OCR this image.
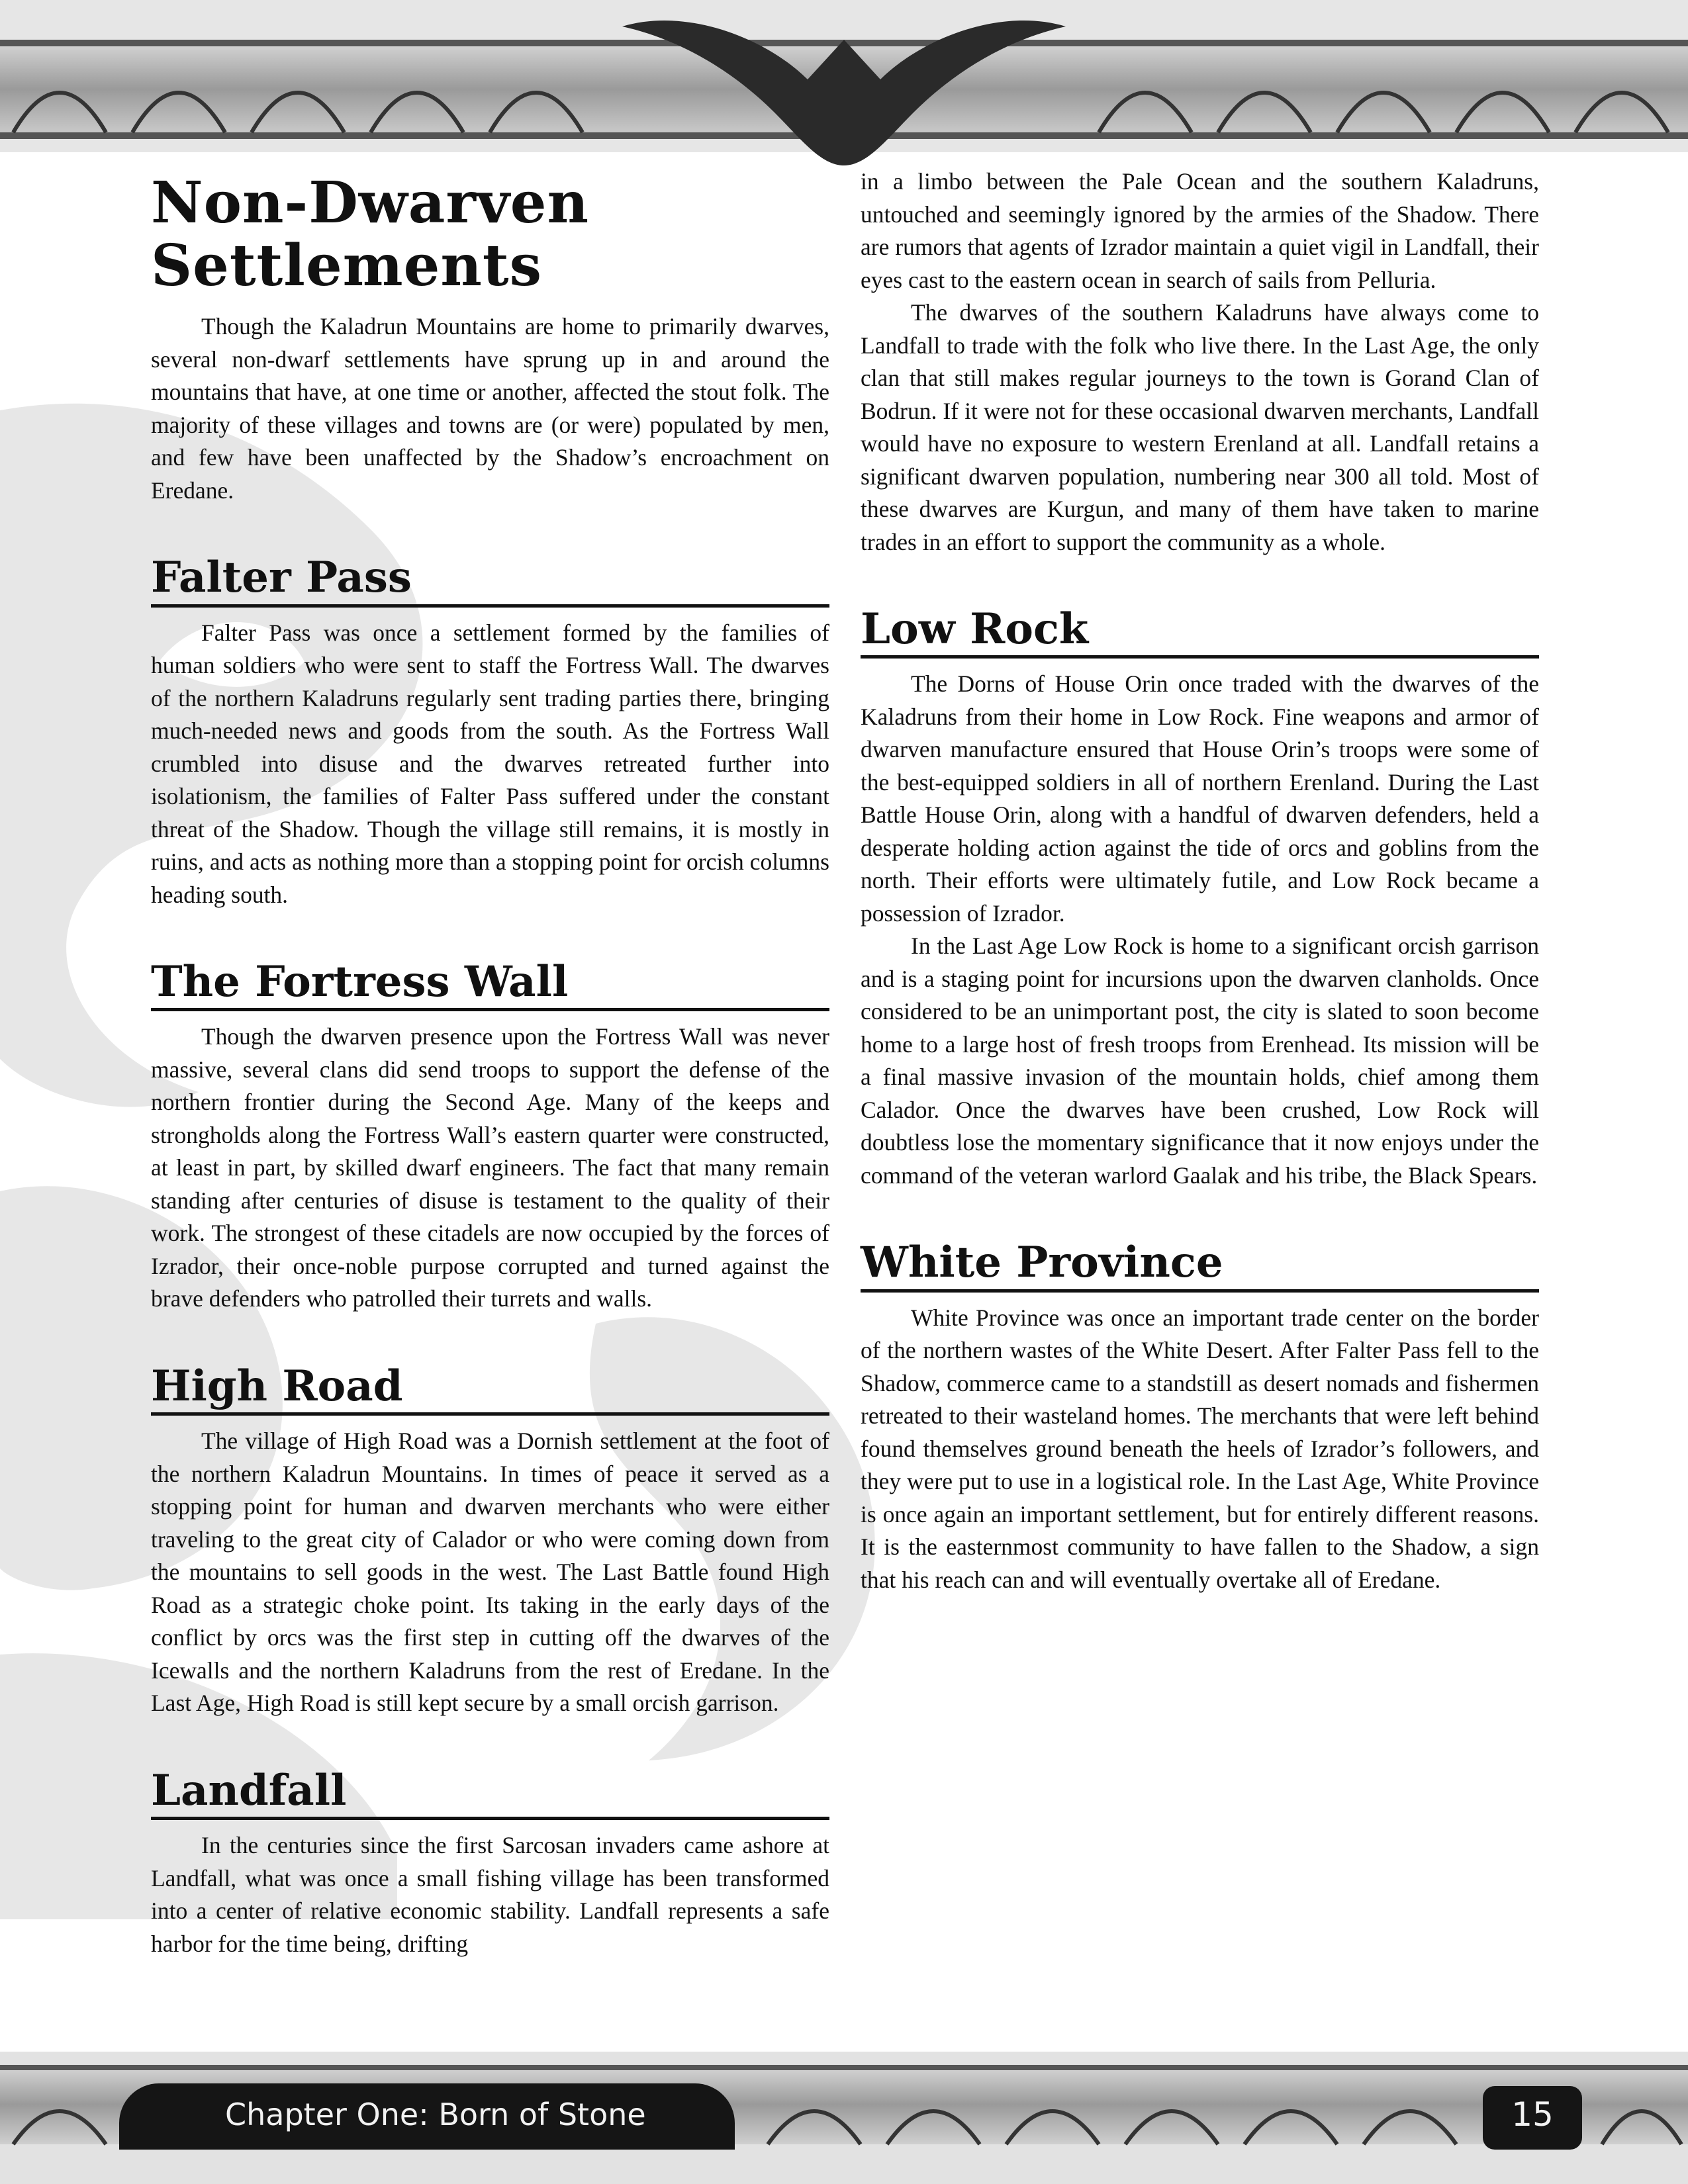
Non-Dwarven Settlements

Though the Kaladrun Mountains are home to primarily dwarves, several non-dwarf settlements have sprung up in and around the mountains that have, at one time or another, affected the stout folk. The majority of these villages and towns are (or were) populated by men, and few have been unaffected by the Shadow’s encroachment on Eredane.

Falter Pass

Falter Pass was once a settlement formed by the families of human soldiers who were sent to staff the Fortress Wall. The dwarves of the northern Kaladruns regularly sent trading parties there, bringing much-needed news and goods from the south. As the Fortress Wall crumbled into disuse and the dwarves retreated further into isolationism, the families of Falter Pass suffered under the constant threat of the Shadow. Though the village still remains, it is mostly in ruins, and acts as nothing more than a stopping point for orcish columns heading south.

The Fortress Wall

Though the dwarven presence upon the Fortress Wall was never massive, several clans did send troops to support the defense of the northern frontier during the Second Age. Many of the keeps and strongholds along the Fortress Wall’s eastern quarter were constructed, at least in part, by skilled dwarf engineers. The fact that many remain standing after centuries of disuse is testament to the quality of their work. The strongest of these citadels are now occupied by the forces of Izrador, their once-noble purpose corrupted and turned against the brave defenders who patrolled their turrets and walls.

High Road

The village of High Road was a Dornish settlement at the foot of the northern Kaladrun Mountains. In times of peace it served as a stopping point for human and dwarven merchants who were either traveling to the great city of Calador or who were coming down from the mountains to sell goods in the west. The Last Battle found High Road as a strategic choke point. Its taking in the early days of the conflict by orcs was the first step in cutting off the dwarves of the Icewalls and the northern Kaladruns from the rest of Eredane. In the Last Age, High Road is still kept secure by a small orcish garrison.

Landfall

In the centuries since the first Sarcosan invaders came ashore at Landfall, what was once a small fishing village has been transformed into a center of relative economic stability. Landfall represents a safe harbor for the time being, drifting

in a limbo between the Pale Ocean and the southern Kaladruns, untouched and seemingly ignored by the armies of the Shadow. There are rumors that agents of Izrador maintain a quiet vigil in Landfall, their eyes cast to the eastern ocean in search of sails from Pelluria.

The dwarves of the southern Kaladruns have always come to Landfall to trade with the folk who live there. In the Last Age, the only clan that still makes regular journeys to the town is Gorand Clan of Bodrun. If it were not for these occasional dwarven merchants, Landfall would have no exposure to western Erenland at all. Landfall retains a significant dwarven population, numbering near 300 all told. Most of these dwarves are Kurgun, and many of them have taken to marine trades in an effort to support the community as a whole.

Low Rock

The Dorns of House Orin once traded with the dwarves of the Kaladruns from their home in Low Rock. Fine weapons and armor of dwarven manufacture ensured that House Orin’s troops were some of the best-equipped soldiers in all of northern Erenland. During the Last Battle House Orin, along with a handful of dwarven defenders, held a desperate holding action against the tide of orcs and goblins from the north. Their efforts were ultimately futile, and Low Rock became a possession of Izrador.

In the Last Age Low Rock is home to a significant orcish garrison and is a staging point for incursions upon the dwarven clanholds. Once considered to be an unimportant post, the city is slated to soon become home to a large host of fresh troops from Erenhead. Its mission will be a final massive invasion of the mountain holds, chief among them Calador. Once the dwarves have been crushed, Low Rock will doubtless lose the momentary significance that it now enjoys under the command of the veteran warlord Gaalak and his tribe, the Black Spears.

White Province

White Province was once an important trade center on the border of the northern wastes of the White Desert. After Falter Pass fell to the Shadow, commerce came to a standstill as desert nomads and fishermen retreated to their wasteland homes. The merchants that were left behind found themselves ground beneath the heels of Izrador’s followers, and they were put to use in a logistical role. In the Last Age, White Province is once again an important settlement, but for entirely different reasons. It is the easternmost community to have fallen to the Shadow, a sign that his reach can and will eventually overtake all of Eredane.

Chapter One: Born of Stone	15
